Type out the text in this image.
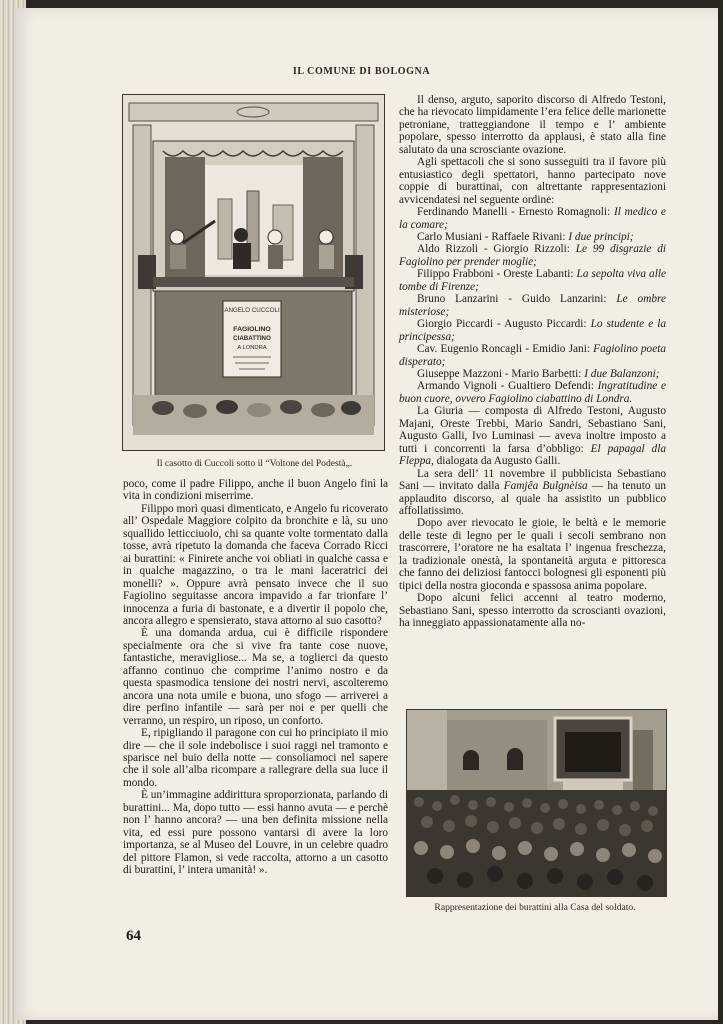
IL COMUNE DI BOLOGNA
ANGELO CUCCOLI
FAGIOLINO
CIABATTINO
A LONDRA
Il casotto di Cuccoli sotto il “Voltone del Podestà„.

poco, come il padre Filippo, anche il buon Angelo finì la vita in condizioni miserrime.

Filippo morì quasi dimenticato, e Angelo fu ricoverato all’ Ospedale Maggiore colpito da bronchite e là, su uno squallido letticciuolo, chi sa quante volte tormentato dalla tosse, avrà ripetuto la domanda che faceva Corrado Ricci ai burattini: « Finirete anche voi obliati in qualche cassa e in qualche magazzino, o tra le mani laceratrici dei monelli? ». Oppure avrà pensato invece che il suo Fagiolino seguitasse ancora impavido a far trionfare l’ innocenza a furia di bastonate, e a divertir il popolo che, ancora allegro e spensierato, stava attorno al suo casotto?

È una domanda ardua, cui è difficile rispondere specialmente ora che si vive fra tante cose nuove, fantastiche, meravigliose... Ma se, a toglierci da questo affanno continuo che comprime l’animo nostro e da questa spasmodica tensione dei nostri nervi, ascolteremo ancora una nota umile e buona, uno sfogo — arriverei a dire perfino infantile — sarà per noi e per quelli che verranno, un respiro, un riposo, un conforto.

E, ripigliando il paragone con cui ho principiato il mio dire — che il sole indebolisce i suoi raggi nel tramonto e sparisce nel buio della notte — consoliamoci nel sapere che il sole all’alba ricompare a rallegrare della sua luce il mondo.

È un’immagine addirittura sproporzionata, parlando di burattini... Ma, dopo tutto — essi hanno avuta — e perchè non l’ hanno ancora? — una ben definita missione nella vita, ed essi pure possono vantarsi di avere la loro importanza, se al Museo del Louvre, in un celebre quadro del pittore Flamon, si vede raccolta, attorno a un casotto di burattini, l’ intera umanità! ».

Il denso, arguto, saporito discorso di Alfredo Testoni, che ha rievocato limpidamente l’era felice delle marionette petroniane, tratteggiandone il tempo e l’ ambiente popolare, spesso interrotto da applausi, è stato alla fine salutato da una scrosciante ovazione.

Agli spettacoli che si sono susseguiti tra il favore più entusiastico degli spettatori, hanno partecipato nove coppie di burattinai, con altrettante rappresentazioni avvicendatesi nel seguente ordine:

Ferdinando Manelli - Ernesto Romagnoli: Il medico e la comare;

Carlo Musiani - Raffaele Rivani: I due principi;

Aldo Rizzoli - Giorgio Rizzoli: Le 99 disgrazie di Fagiolino per prender moglie;

Filippo Frabboni - Oreste Labanti: La sepolta viva alle tombe di Firenze;

Bruno Lanzarini - Guido Lanzarini: Le ombre misteriose;

Giorgio Piccardi - Augusto Piccardi: Lo studente e la principessa;

Cav. Eugenio Roncagli - Emidio Jani: Fagiolino poeta disperato;

Giuseppe Mazzoni - Mario Barbetti: I due Balanzoni;

Armando Vignoli - Gualtiero Defendi: Ingratitudine e buon cuore, ovvero Fagiolino ciabattino di Londra.

La Giuria — composta di Alfredo Testoni, Augusto Majani, Oreste Trebbi, Mario Sandri, Sebastiano Sani, Augusto Galli, Ivo Luminasi — aveva inoltre imposto a tutti i concorrenti la farsa d’obbligo: El papagal dla Fleppa, dialogata da Augusto Galli.

La sera dell’ 11 novembre il pubblicista Sebastiano Sani — invitato dalla Famjêa Bulgnèisa — ha tenuto un applaudito discorso, al quale ha assistito un pubblico affollatissimo.

Dopo aver rievocato le gioie, le beltà e le memorie delle teste di legno per le quali i secoli sembrano non trascorrere, l’oratore ne ha esaltata l’ ingenua freschezza, la tradizionale onestà, la spontaneità arguta e pittoresca che fanno dei deliziosi fantocci bolognesi gli esponenti più tipici della nostra gioconda e spassosa anima popolare.

Dopo alcuni felici accenni al teatro moderno, Sebastiano Sani, spesso interrotto da scroscianti ovazioni, ha inneggiato appassionatamente alla no-

Rappresentazione dei burattini alla Casa del soldato.
64
